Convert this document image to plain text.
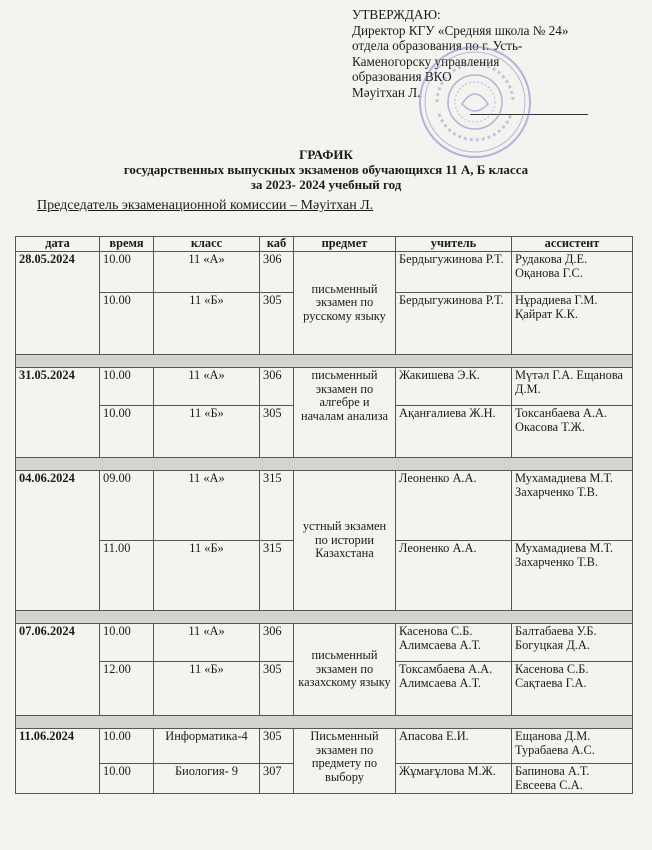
УТВЕРЖДАЮ:
Директор КГУ «Средняя школа № 24»
отдела образования по г. Усть-
Каменогорску управления
образования ВКО
Мәуітхан Л.
ГРАФИК
государственных выпускных экзаменов обучающихся 11 А, Б класса
за 2023- 2024 учебный год
Председатель экзаменационной комиссии – Мәуітхан Л.
дата	время	класс	каб	предмет	учитель	ассистент
28.05.2024	10.00	11 «А»	306	письменный экзамен по русскому языку	Бердыгужинова Р.Т.	Рудакова Д.Е. Оқанова Г.С.
	10.00	11 «Б»	305		Бердыгужинова Р.Т.	Нұрадиева Г.М. Қайрат К.К.

31.05.2024	10.00	11 «А»	306	письменный экзамен по алгебре и началам анализа	Жакишева Э.К.	Мүтәл Г.А. Ещанова Д.М.
	10.00	11 «Б»	305		Ақанғалиева Ж.Н.	Токсанбаева А.А. Окасова Т.Ж.

04.06.2024	09.00	11 «А»	315	устный экзамен по истории Казахстана	Леоненко А.А.	Мухамадиева М.Т. Захарченко Т.В.
	11.00	11 «Б»	315		Леоненко А.А.	Мухамадиева М.Т. Захарченко Т.В.

07.06.2024	10.00	11 «А»	306	письменный экзамен по казахскому языку	Касенова С.Б. Алимсаева А.Т.	Балтабаева У.Б. Богуцкая Д.А.
	12.00	11 «Б»	305		Токсамбаева А.А. Алимсаева А.Т.	Касенова С.Б. Сақтаева Г.А.

11.06.2024	10.00	Информатика-4	305	Письменный экзамен по предмету по выбору	Апасова Е.И.	Ещанова Д.М. Турабаева А.С.
	10.00	Биология- 9	307		Жұмағұлова М.Ж.	Бапинова А.Т. Евсеева С.А.
